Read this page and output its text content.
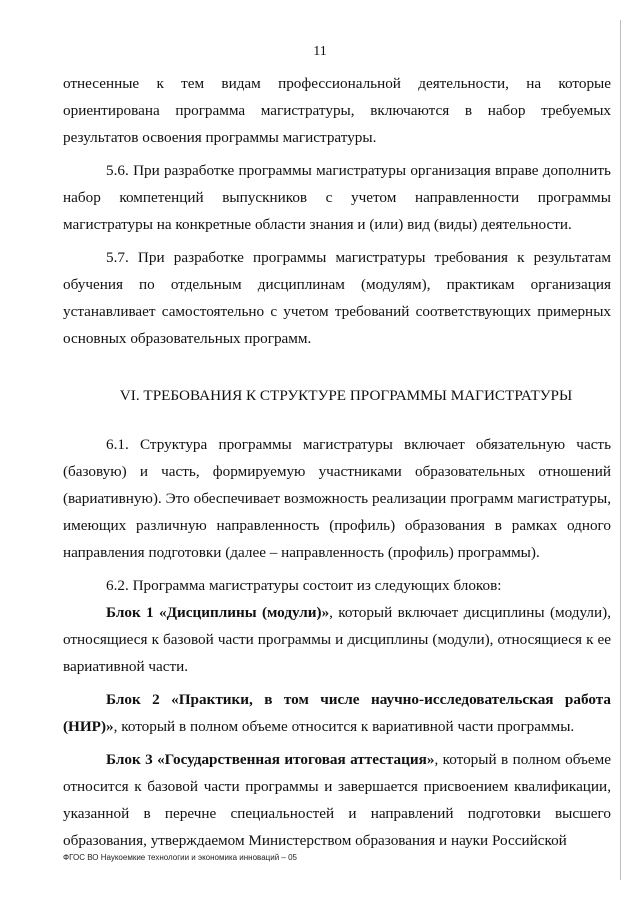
11

отнесенные к тем видам профессиональной деятельности, на которые ориентирована программа магистратуры, включаются в набор требуемых результатов освоения программы магистратуры.

5.6. При разработке программы магистратуры организация вправе дополнить набор компетенций выпускников с учетом направленности программы магистратуры на конкретные области знания и (или) вид (виды) деятельности.

5.7. При разработке программы магистратуры требования к результатам обучения по отдельным дисциплинам (модулям), практикам организация устанавливает самостоятельно с учетом требований соответствующих примерных основных образовательных программ.

VI. ТРЕБОВАНИЯ К СТРУКТУРЕ ПРОГРАММЫ МАГИСТРАТУРЫ

6.1. Структура программы магистратуры включает обязательную часть (базовую) и часть, формируемую участниками образовательных отношений (вариативную). Это обеспечивает возможность реализации программ магистратуры, имеющих различную направленность (профиль) образования в рамках одного направления подготовки (далее – направленность (профиль) программы).

6.2. Программа магистратуры состоит из следующих блоков:

Блок 1 «Дисциплины (модули)», который включает дисциплины (модули), относящиеся к базовой части программы и дисциплины (модули), относящиеся к ее вариативной части.

Блок 2 «Практики, в том числе научно-исследовательская работа (НИР)», который в полном объеме относится к вариативной части программы.

Блок 3 «Государственная итоговая аттестация», который в полном объеме относится к базовой части программы и завершается присвоением квалификации, указанной в перечне специальностей и направлений подготовки высшего образования, утверждаемом Министерством образования и науки Российской

ФГОС ВО Наукоемкие технологии и экономика инноваций – 05
